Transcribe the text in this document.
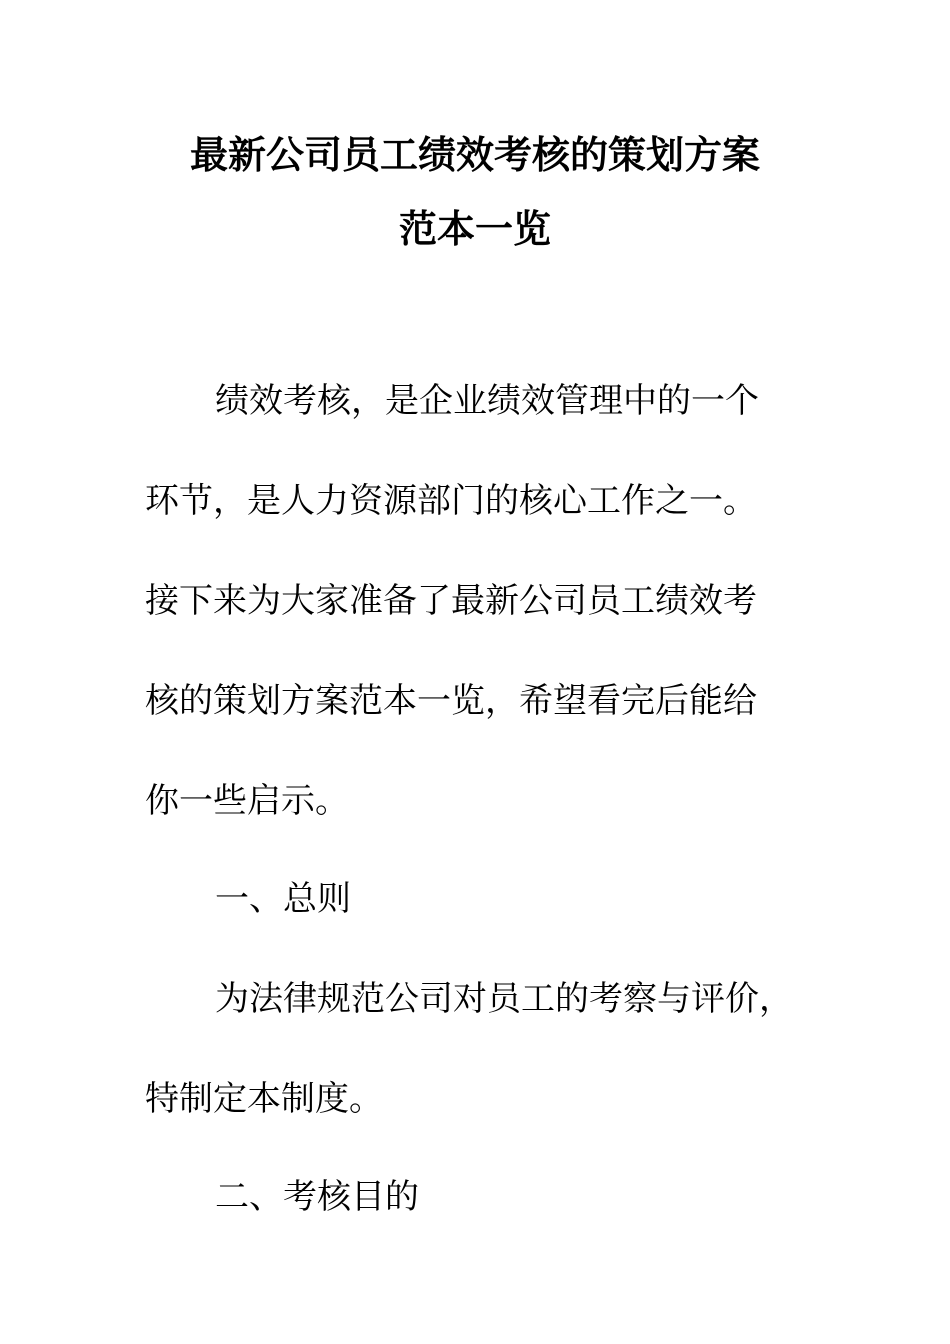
最新公司员工绩效考核的策划方案
范本一览
绩效考核，是企业绩效管理中的一个
环节，是人力资源部门的核心工作之一。
接下来为大家准备了最新公司员工绩效考
核的策划方案范本一览，希望看完后能给
你一些启示。
一、总则
为法律规范公司对员工的考察与评价，
特制定本制度。
二、考核目的
